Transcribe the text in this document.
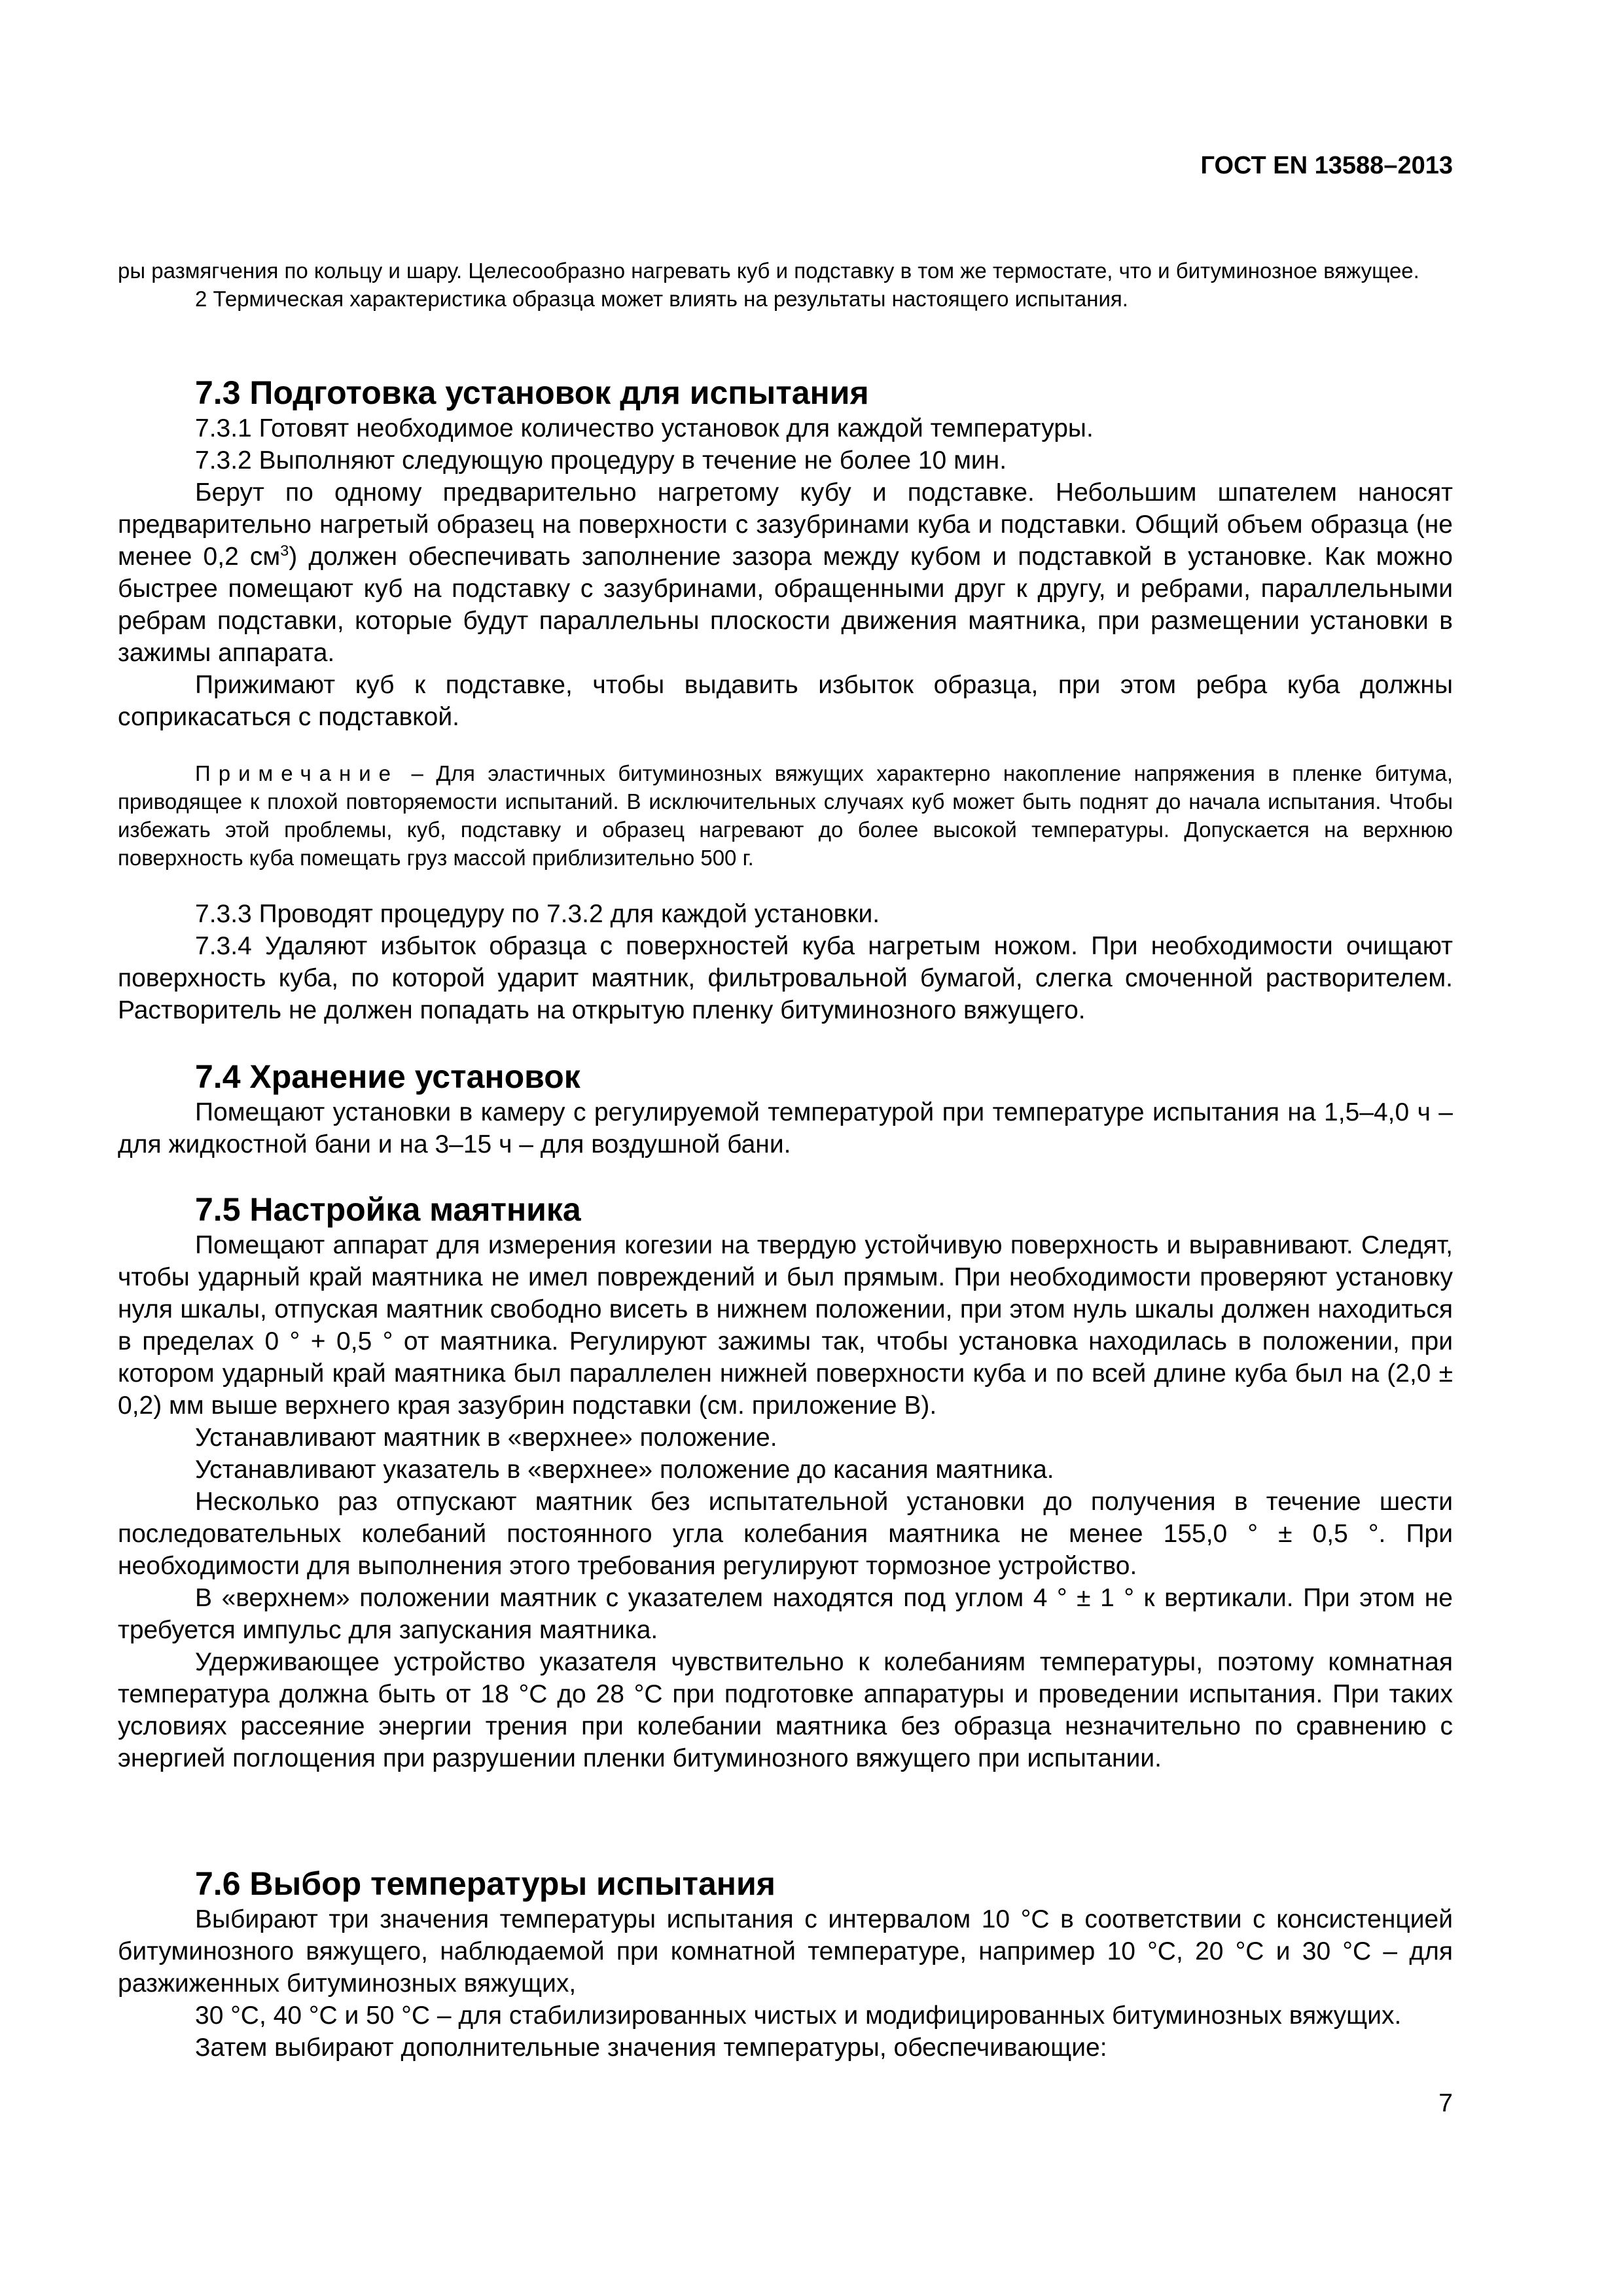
ГОСТ EN 13588–2013

ры размягчения по кольцу и шару. Целесообразно нагревать куб и подставку в том же термостате, что и битуминозное вяжущее.

2 Термическая характеристика образца может влиять на результаты настоящего испытания.

7.3 Подготовка установок для испытания

7.3.1 Готовят необходимое количество установок для каждой температуры.

7.3.2 Выполняют следующую процедуру в течение не более 10 мин.

Берут по одному предварительно нагретому кубу и подставке. Небольшим шпателем наносят предварительно нагретый образец на поверхности с зазубринами куба и подставки. Общий объем образца (не менее 0,2 $см^3$) должен обеспечивать заполнение зазора между кубом и подставкой в установке. Как можно быстрее помещают куб на подставку с зазубринами, обращенными друг к другу, и ребрами, параллельными ребрам подставки, которые будут параллельны плоскости движения маятника, при размещении установки в зажимы аппарата.

Прижимают куб к подставке, чтобы выдавить избыток образца, при этом ребра куба должны соприкасаться с подставкой.

Примечание – Для эластичных битуминозных вяжущих характерно накопление напряжения в пленке битума, приводящее к плохой повторяемости испытаний. В исключительных случаях куб может быть поднят до начала испытания. Чтобы избежать этой проблемы, куб, подставку и образец нагревают до более высокой температуры. Допускается на верхнюю поверхность куба помещать груз массой приблизительно 500 г.

7.3.3 Проводят процедуру по 7.3.2 для каждой установки.

7.3.4 Удаляют избыток образца с поверхностей куба нагретым ножом. При необходимости очищают поверхность куба, по которой ударит маятник, фильтровальной бумагой, слегка смоченной растворителем. Растворитель не должен попадать на открытую пленку битуминозного вяжущего.

7.4 Хранение установок

Помещают установки в камеру с регулируемой температурой при температуре испытания на 1,5–4,0 ч – для жидкостной бани и на 3–15 ч – для воздушной бани.

7.5 Настройка маятника

Помещают аппарат для измерения когезии на твердую устойчивую поверхность и выравнивают. Следят, чтобы ударный край маятника не имел повреждений и был прямым. При необходимости проверяют установку нуля шкалы, отпуская маятник свободно висеть в нижнем положении, при этом нуль шкалы должен находиться в пределах 0 ° + 0,5 ° от маятника. Регулируют зажимы так, чтобы установка находилась в положении, при котором ударный край маятника был параллелен нижней поверхности куба и по всей длине куба был на (2,0 ± 0,2) мм выше верхнего края зазубрин подставки (см. приложение В).

Устанавливают маятник в «верхнее» положение.

Устанавливают указатель в «верхнее» положение до касания маятника.

Несколько раз отпускают маятник без испытательной установки до получения в течение шести последовательных колебаний постоянного угла колебания маятника не менее 155,0 ° ± 0,5 °. При необходимости для выполнения этого требования регулируют тормозное устройство.

В «верхнем» положении маятник с указателем находятся под углом 4 ° ± 1 ° к вертикали. При этом не требуется импульс для запускания маятника.

Удерживающее устройство указателя чувствительно к колебаниям температуры, поэтому комнатная температура должна быть от 18 °С до 28 °С при подготовке аппаратуры и проведении испытания. При таких условиях рассеяние энергии трения при колебании маятника без образца незначительно по сравнению с энергией поглощения при разрушении пленки битуминозного вяжущего при испытании.

7.6 Выбор температуры испытания

Выбирают три значения температуры испытания с интервалом 10 °С в соответствии с консистенцией битуминозного вяжущего, наблюдаемой при комнатной температуре, например 10 °С, 20 °С и 30 °С – для разжиженных битуминозных вяжущих,

30 °С, 40 °С и 50 °С – для стабилизированных чистых и модифицированных битуминозных вяжущих.

Затем выбирают дополнительные значения температуры, обеспечивающие:

7
